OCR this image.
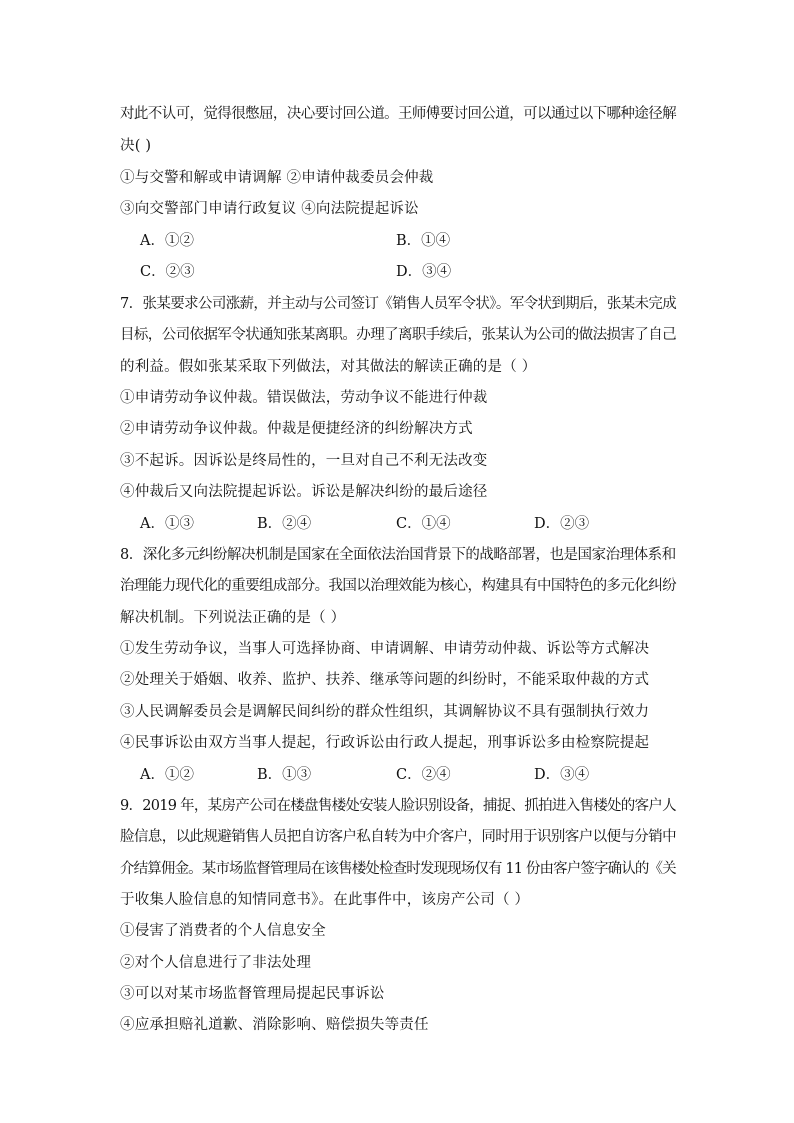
对此不认可，觉得很憋屈，决心要讨回公道。王师傅要讨回公道，可以通过以下哪种途径解
决( )
①与交警和解或申请调解 ②申请仲裁委员会仲裁
③向交警部门申请行政复议 ④向法院提起诉讼
A．①②	B．①④
C．②③	D．③④
7．张某要求公司涨薪，并主动与公司签订《销售人员军令状》。军令状到期后，张某未完成
目标，公司依据军令状通知张某离职。办理了离职手续后，张某认为公司的做法损害了自己
的利益。假如张某采取下列做法，对其做法的解读正确的是（ ）
①申请劳动争议仲裁。错误做法，劳动争议不能进行仲裁
②申请劳动争议仲裁。仲裁是便捷经济的纠纷解决方式
③不起诉。因诉讼是终局性的，一旦对自己不利无法改变
④仲裁后又向法院提起诉讼。诉讼是解决纠纷的最后途径
A．①③	B．②④	C．①④	D．②③
8．深化多元纠纷解决机制是国家在全面依法治国背景下的战略部署，也是国家治理体系和
治理能力现代化的重要组成部分。我国以治理效能为核心，构建具有中国特色的多元化纠纷
解决机制。下列说法正确的是（ ）
①发生劳动争议，当事人可选择协商、申请调解、申请劳动仲裁、诉讼等方式解决
②处理关于婚姻、收养、监护、扶养、继承等问题的纠纷时，不能采取仲裁的方式
③人民调解委员会是调解民间纠纷的群众性组织，其调解协议不具有强制执行效力
④民事诉讼由双方当事人提起，行政诉讼由行政人提起，刑事诉讼多由检察院提起
A．①②	B．①③	C．②④	D．③④
9．2019 年，某房产公司在楼盘售楼处安装人脸识别设备，捕捉、抓拍进入售楼处的客户人
脸信息，以此规避销售人员把自访客户私自转为中介客户，同时用于识别客户以便与分销中
介结算佣金。某市场监督管理局在该售楼处检查时发现现场仅有 11 份由客户签字确认的《关
于收集人脸信息的知情同意书》。在此事件中，该房产公司（ ）
①侵害了消费者的个人信息安全
②对个人信息进行了非法处理
③可以对某市场监督管理局提起民事诉讼
④应承担赔礼道歉、消除影响、赔偿损失等责任
